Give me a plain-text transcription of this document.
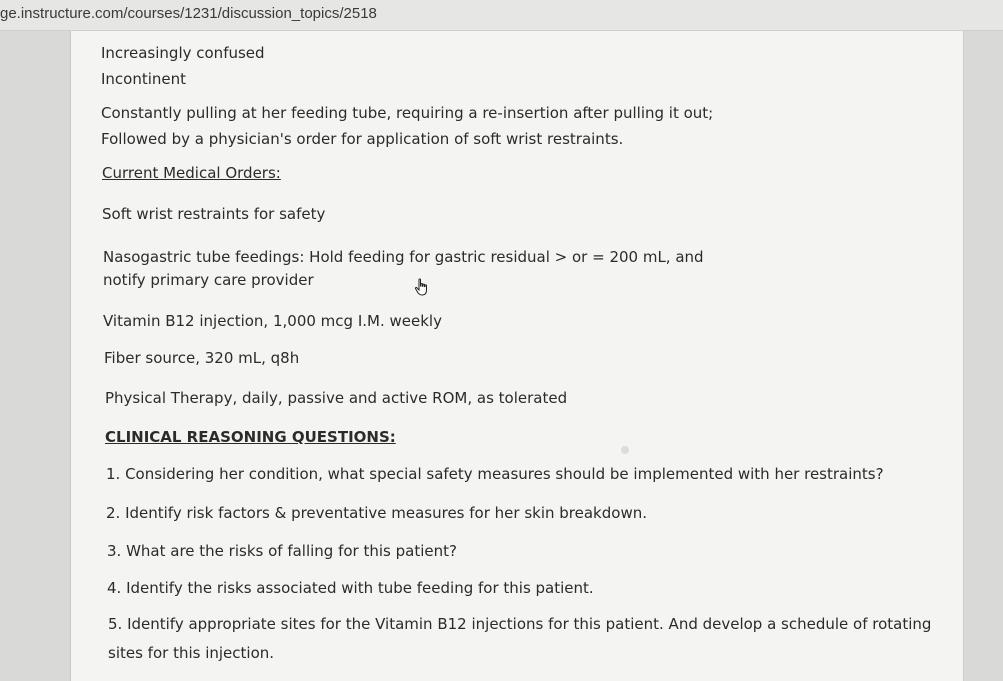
ge.instructure.com/courses/1231/discussion_topics/2518
Increasingly confused
Incontinent
Constantly pulling at her feeding tube, requiring a re-insertion after pulling it out;
Followed by a physician's order for application of soft wrist restraints.
Current Medical Orders:
Soft wrist restraints for safety
Nasogastric tube feedings: Hold feeding for gastric residual > or = 200 mL, and
notify primary care provider
Vitamin B12 injection, 1,000 mcg I.M. weekly
Fiber source, 320 mL, q8h
Physical Therapy, daily, passive and active ROM, as tolerated
CLINICAL REASONING QUESTIONS:
1. Considering her condition, what special safety measures should be implemented with her restraints?
2. Identify risk factors & preventative measures for her skin breakdown.
3. What are the risks of falling for this patient?
4. Identify the risks associated with tube feeding for this patient.
5. Identify appropriate sites for the Vitamin B12 injections for this patient. And develop a schedule of rotating
sites for this injection.
